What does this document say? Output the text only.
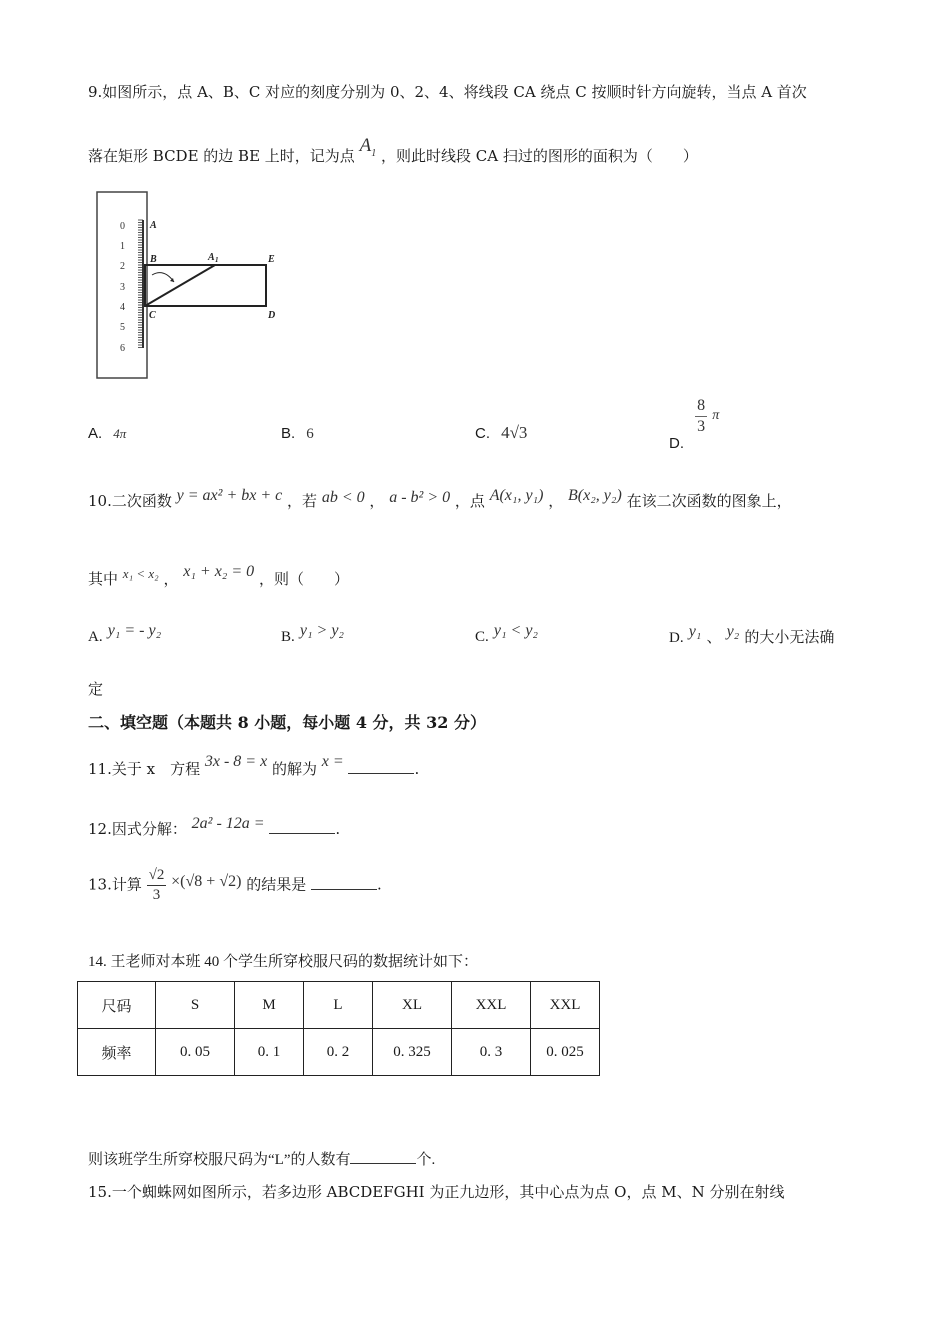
9.如图所示，点 A、B、C 对应的刻度分别为 0、2、4、将线段 CA 绕点 C 按顺时针方向旋转，当点 A 首次
落在矩形 BCDE 的边 BE 上时，记为点 $A_1$ ，则此时线段 CA 扫过的图形的面积为（　　）
0
1
2
3
4
5
6
A
B
C	D
E
A 1
A. 4π	B. 6	C. 4√3
D.
$\frac{8}{3}$ π
10.二次函数 y = ax² + bx + c ，若 ab < 0 ， a - b² > 0 ，点 A(x₁, y₁) ， B(x₂, y₂) 在该二次函数的图象上，
其中 x₁ < x₂ ， x₁ + x₂ = 0 ，则（　　）
A. y₁ = - y₂	B. y₁ > y₂	C. y₁ < y₂	D. y₁ 、 y₂ 的大小无法确
定
二、填空题（本题共 8 小题，每小题 4 分，共 32 分）
11.关于 x　方程 3x - 8 = x 的解为 x =	.
12.因式分解： 2a² - 12a =	.
13.计算 $\frac{√2}{3} \times(√8 + √2)$ 的结果是	.
14. 王老师对本班 40 个学生所穿校服尺码的数据统计如下：
尺码	S	M	L	XL	XXL	XXL
频率	0. 05	0. 1	0. 2	0. 325	0. 3	0. 025
则该班学生所穿校服尺码为“L”的人数有	个.
15.一个蜘蛛网如图所示，若多边形 ABCDEFGHI 为正九边形，其中心点为点 O，点 M、N 分别在射线
